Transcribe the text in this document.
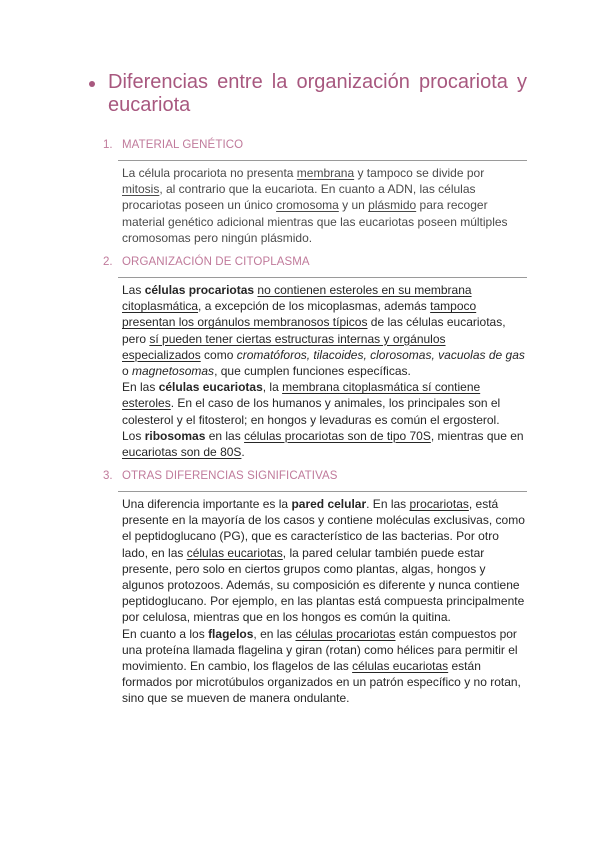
Diferencias entre la organización procariota y eucariota
1. MATERIAL GENÉTICO
La célula procariota no presenta membrana y tampoco se divide por
mitosis, al contrario que la eucariota. En cuanto a ADN, las células
procariotas poseen un único cromosoma y un plásmido para recoger
material genético adicional mientras que las eucariotas poseen múltiples
cromosomas pero ningún plásmido.
2. ORGANIZACIÓN DE CITOPLASMA
Las células procariotas no contienen esteroles en su membrana
citoplasmática, a excepción de los micoplasmas, además tampoco
presentan los orgánulos membranosos típicos de las células eucariotas,
pero sí pueden tener ciertas estructuras internas y orgánulos
especializados como cromatóforos, tilacoides, clorosomas, vacuolas de gas
o magnetosomas, que cumplen funciones específicas.
En las células eucariotas, la membrana citoplasmática sí contiene
esteroles. En el caso de los humanos y animales, los principales son el
colesterol y el fitosterol; en hongos y levaduras es común el ergosterol.
Los ribosomas en las células procariotas son de tipo 70S, mientras que en
eucariotas son de 80S.
3. OTRAS DIFERENCIAS SIGNIFICATIVAS
Una diferencia importante es la pared celular. En las procariotas, está
presente en la mayoría de los casos y contiene moléculas exclusivas, como
el peptidoglucano (PG), que es característico de las bacterias. Por otro
lado, en las células eucariotas, la pared celular también puede estar
presente, pero solo en ciertos grupos como plantas, algas, hongos y
algunos protozoos. Además, su composición es diferente y nunca contiene
peptidoglucano. Por ejemplo, en las plantas está compuesta principalmente
por celulosa, mientras que en los hongos es común la quitina.
En cuanto a los flagelos, en las células procariotas están compuestos por
una proteína llamada flagelina y giran (rotan) como hélices para permitir el
movimiento. En cambio, los flagelos de las células eucariotas están
formados por microtúbulos organizados en un patrón específico y no rotan,
sino que se mueven de manera ondulante.
